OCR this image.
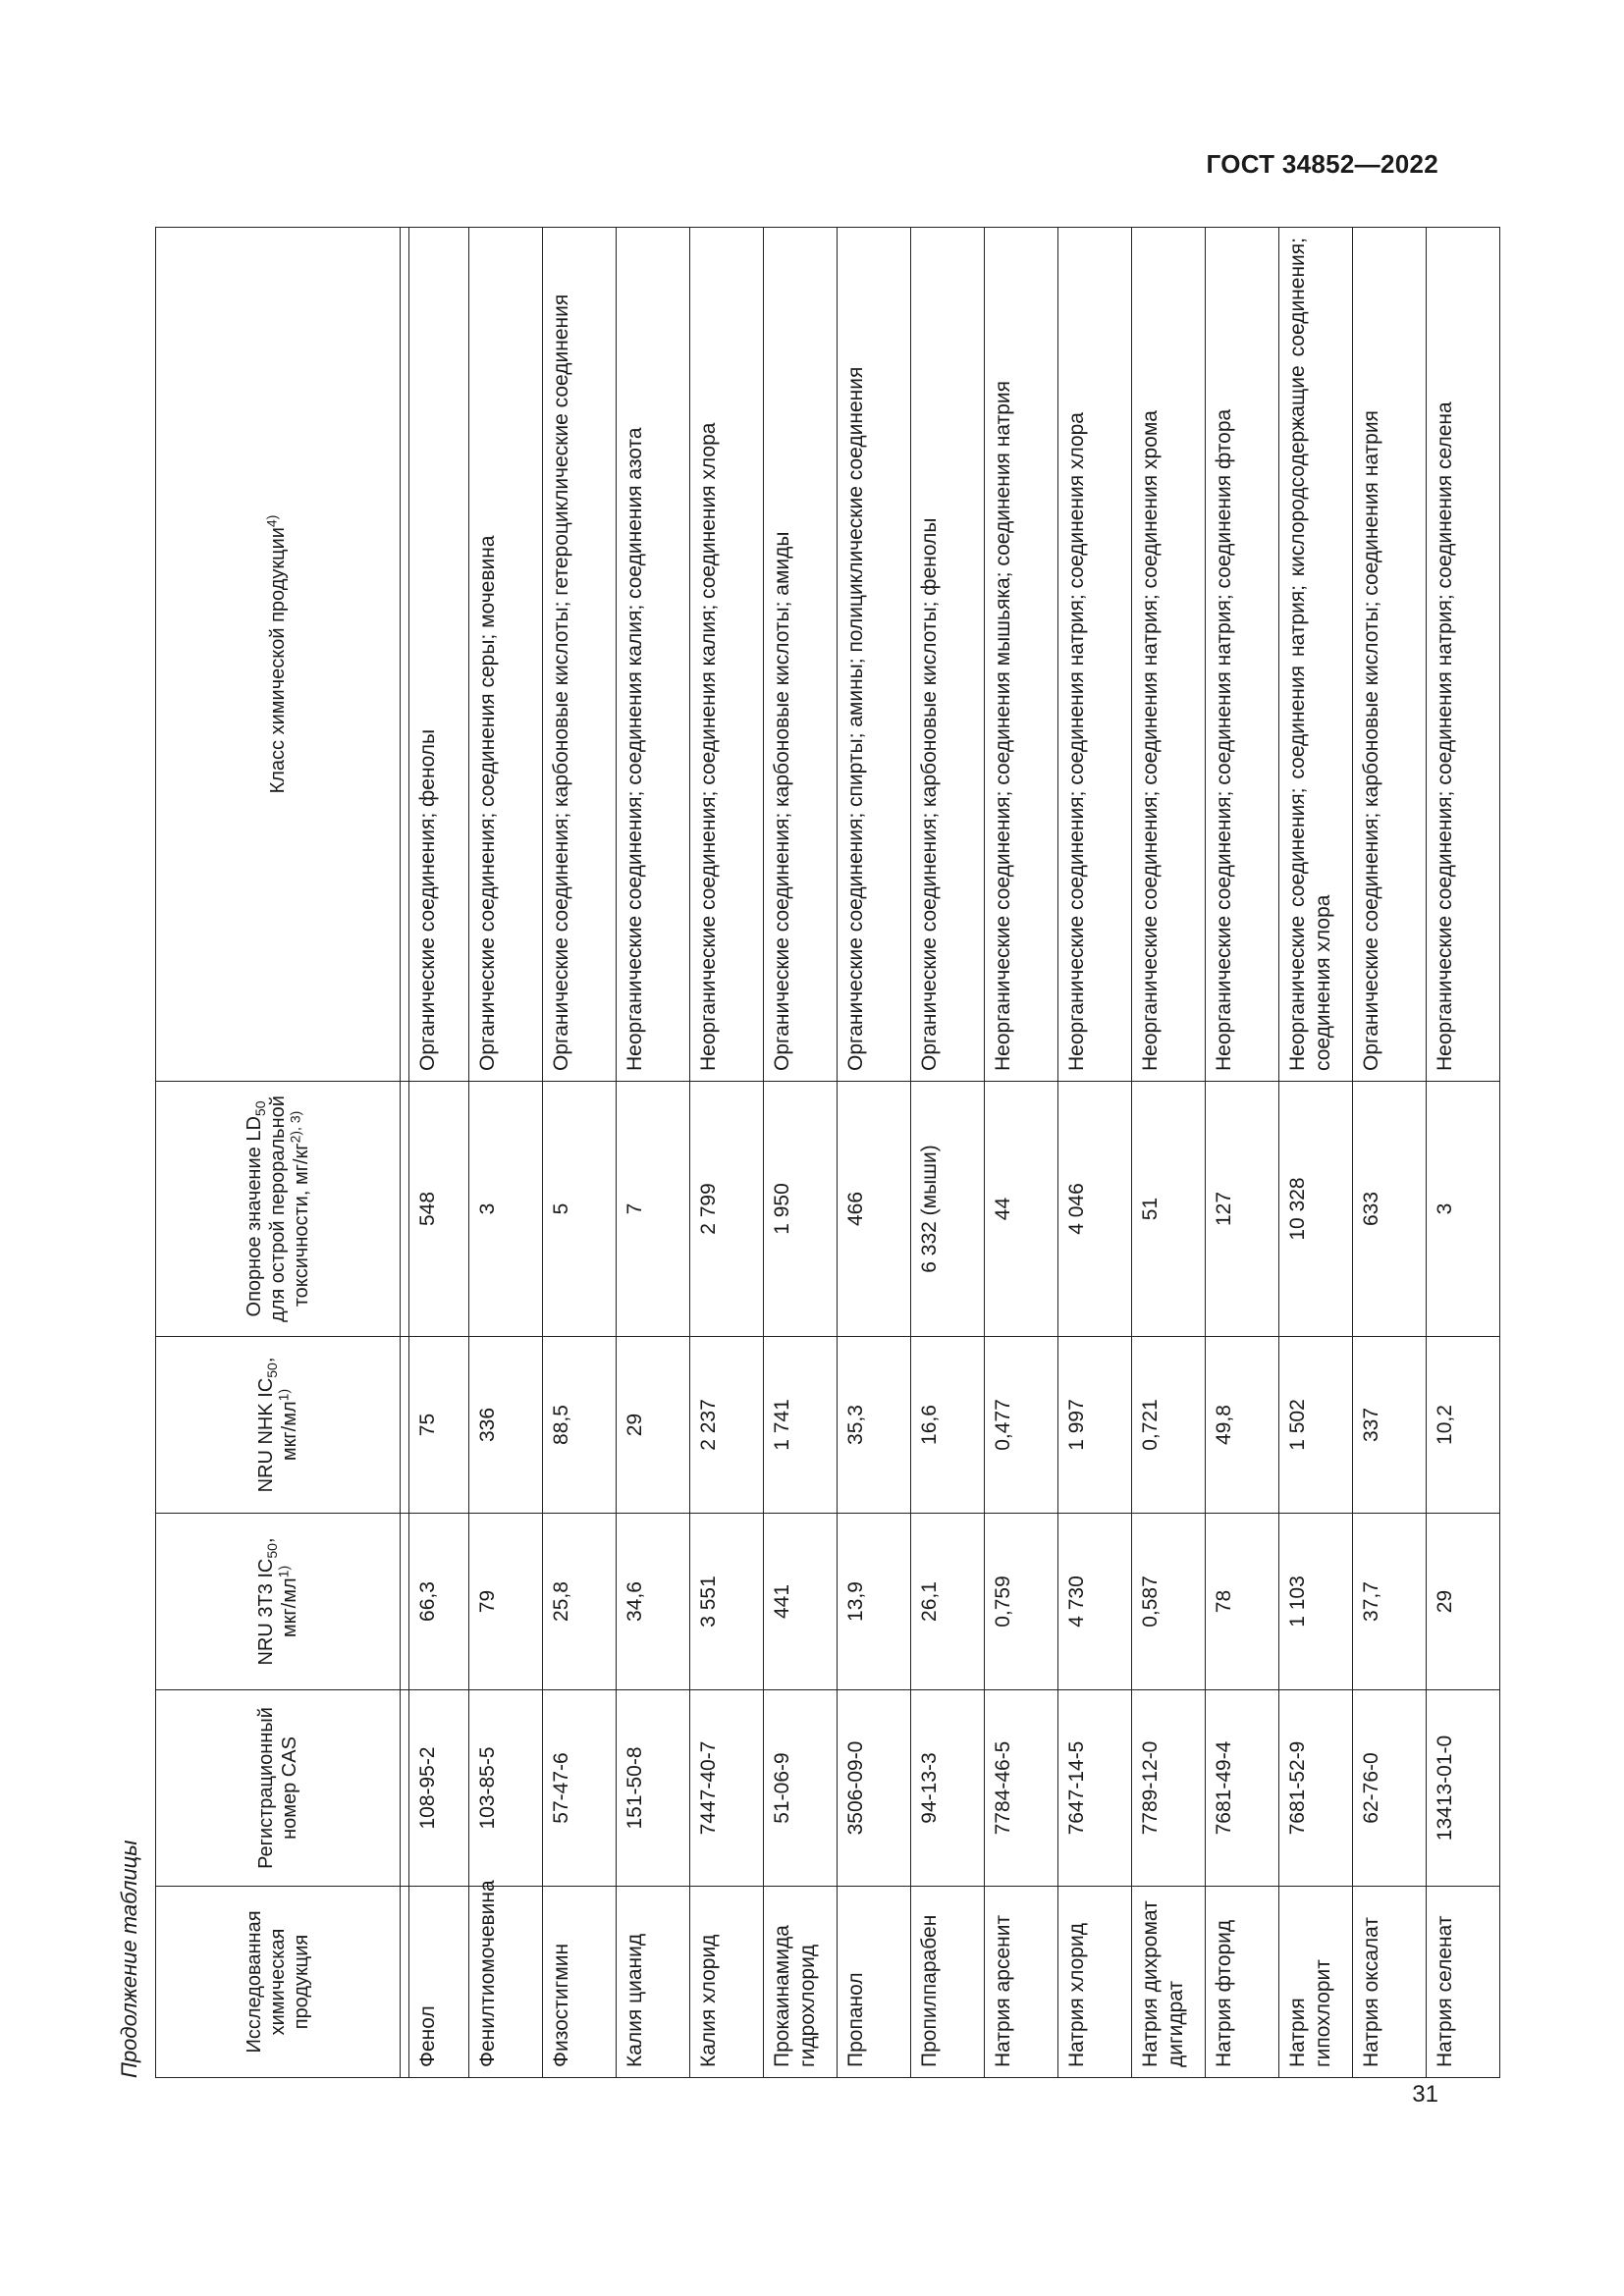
ГОСТ 34852—2022
Продолжение таблицы	Исследованная химическая продукция	Регистрационный номер CAS	NRU 3T3 $IC_{50}$, мкг/$мл^{1)}$	NRU NHK $IC_{50}$, мкг/$мл^{1)}$	Опорное значение $LD_{50}$ для острой пероральной токсичности, $мг/кг^{2), 3)}$	Класс химической продукции$^{4)}$

Фенол	108-95-2	66,3	75	548	Органические соединения; фенолы
Фенилтиомочевина	103-85-5	79	336	3	Органические соединения; соединения серы; мочевина
Физостигмин	57-47-6	25,8	88,5	5	Органические соединения; карбоновые кислоты; гетероциклические соединения
Калия цианид	151-50-8	34,6	29	7	Неорганические соединения; соединения калия; соединения азота
Калия хлорид	7447-40-7	3 551	2 237	2 799	Неорганические соединения; соединения калия; соединения хлора
Прокаинамида гидрохлорид	51-06-9	441	1 741	1 950	Органические соединения; карбоновые кислоты; амиды
Пропанол	3506-09-0	13,9	35,3	466	Органические соединения; спирты; амины; полициклические соединения
Пропилпарабен	94-13-3	26,1	16,6	6 332 (мыши)	Органические соединения; карбоновые кислоты; фенолы
Натрия арсенит	7784-46-5	0,759	0,477	44	Неорганические соединения; соединения мышьяка; соединения натрия
Натрия хлорид	7647-14-5	4 730	1 997	4 046	Неорганические соединения; соединения натрия; соединения хлора
Натрия дихромат дигидрат	7789-12-0	0,587	0,721	51	Неорганические соединения; соединения натрия; соединения хрома
Натрия фторид	7681-49-4	78	49,8	127	Неорганические соединения; соединения натрия; соединения фтора
Натрия гипохлорит	7681-52-9	1 103	1 502	10 328	Неорганические соединения; соединения натрия; кислородсодержащие соединения; соединения хлора
Натрия оксалат	62-76-0	37,7	337	633	Органические соединения; карбоновые кислоты; соединения натрия
Натрия селенат	13413-01-0	29	10,2	3	Неорганические соединения; соединения натрия; соединения селена
31
